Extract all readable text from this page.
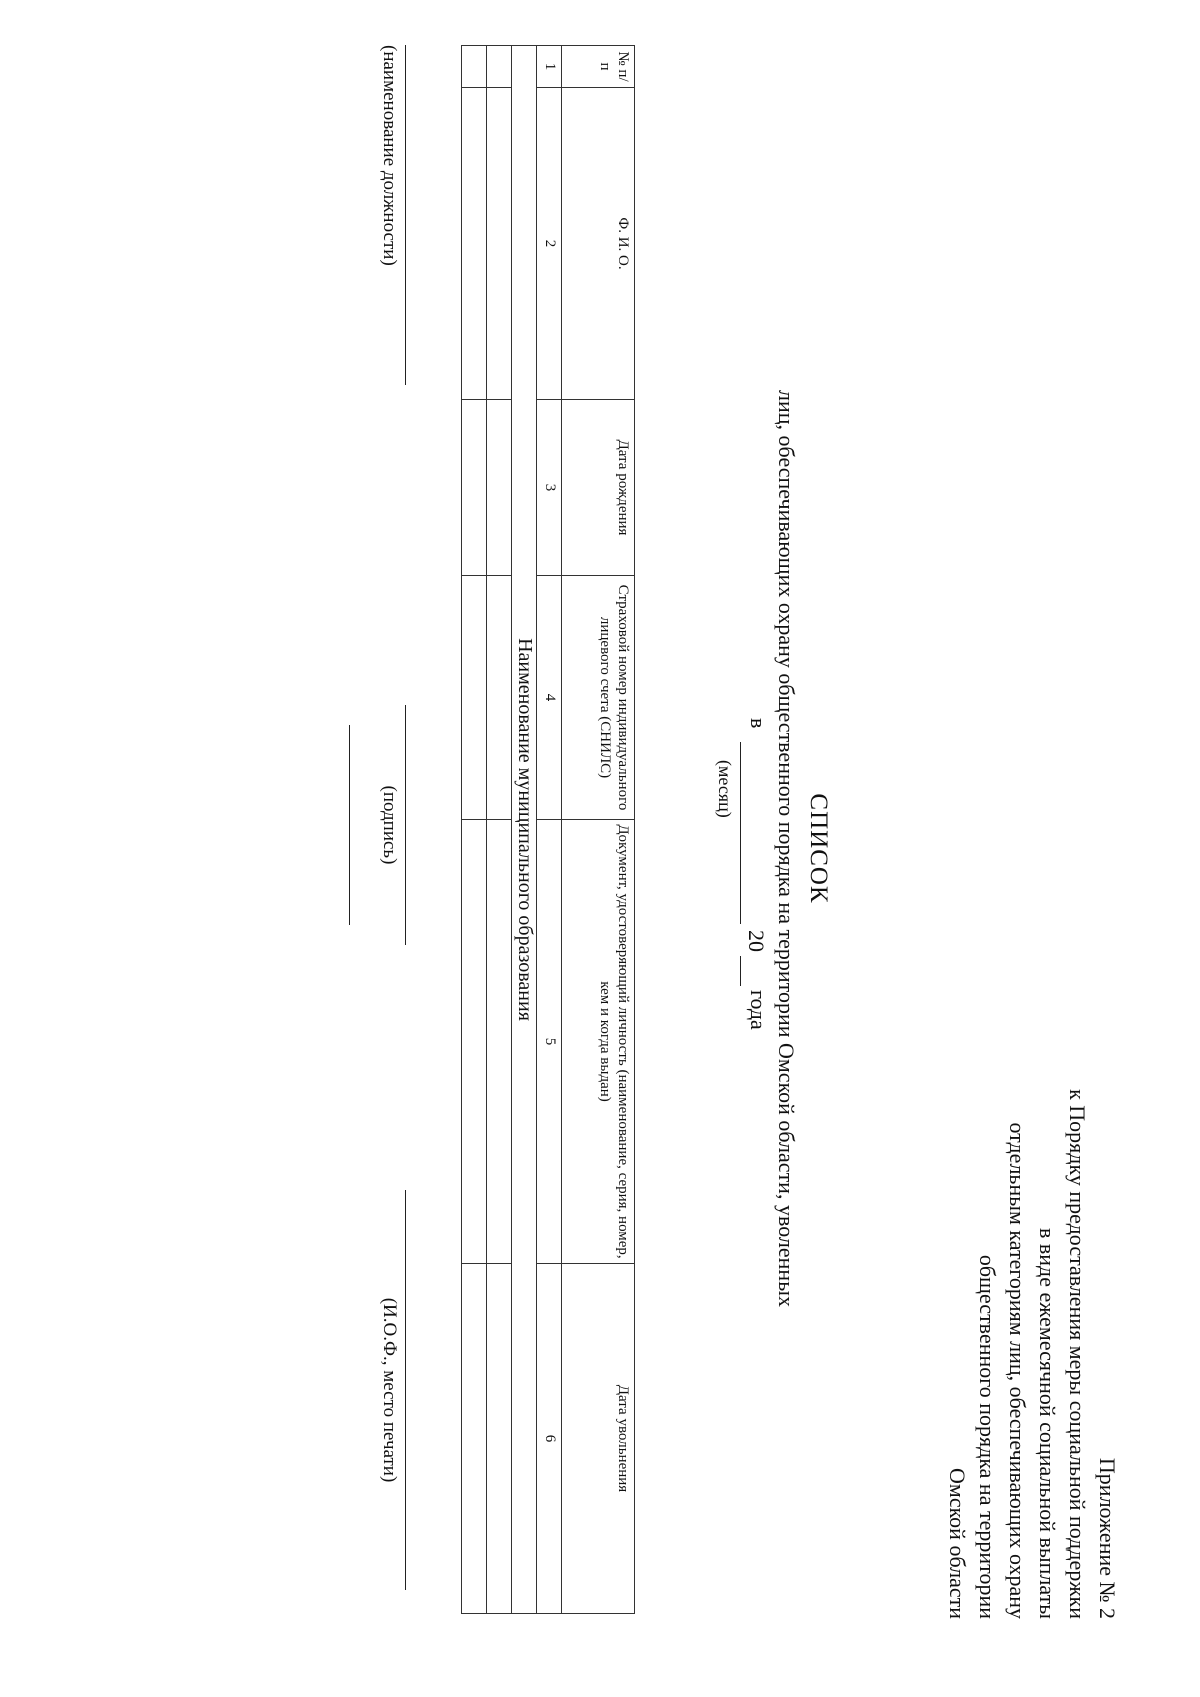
Приложение № 2
к Порядку предоставления меры социальной поддержки
в виде ежемесячной социальной выплаты
отдельным категориям лиц, обеспечивающих охрану
общественного порядка на территории
Омской области
СПИСОК
лиц, обеспечивающих охрану общественного порядка на территории Омской области, уволенных
в
(месяц)
20
года
№ п/п	Ф. И. О.	Дата рождения	Страховой номер индивидуального лицевого счета (СНИЛС)	Документ, удостоверяющий личность (наименование, серия, номер, кем и когда выдан)	Дата увольнения
1	2	3	4	5	6
Наименование муниципального образования					

(наименование должности)
(подпись)
(И.О.Ф., место печати)
